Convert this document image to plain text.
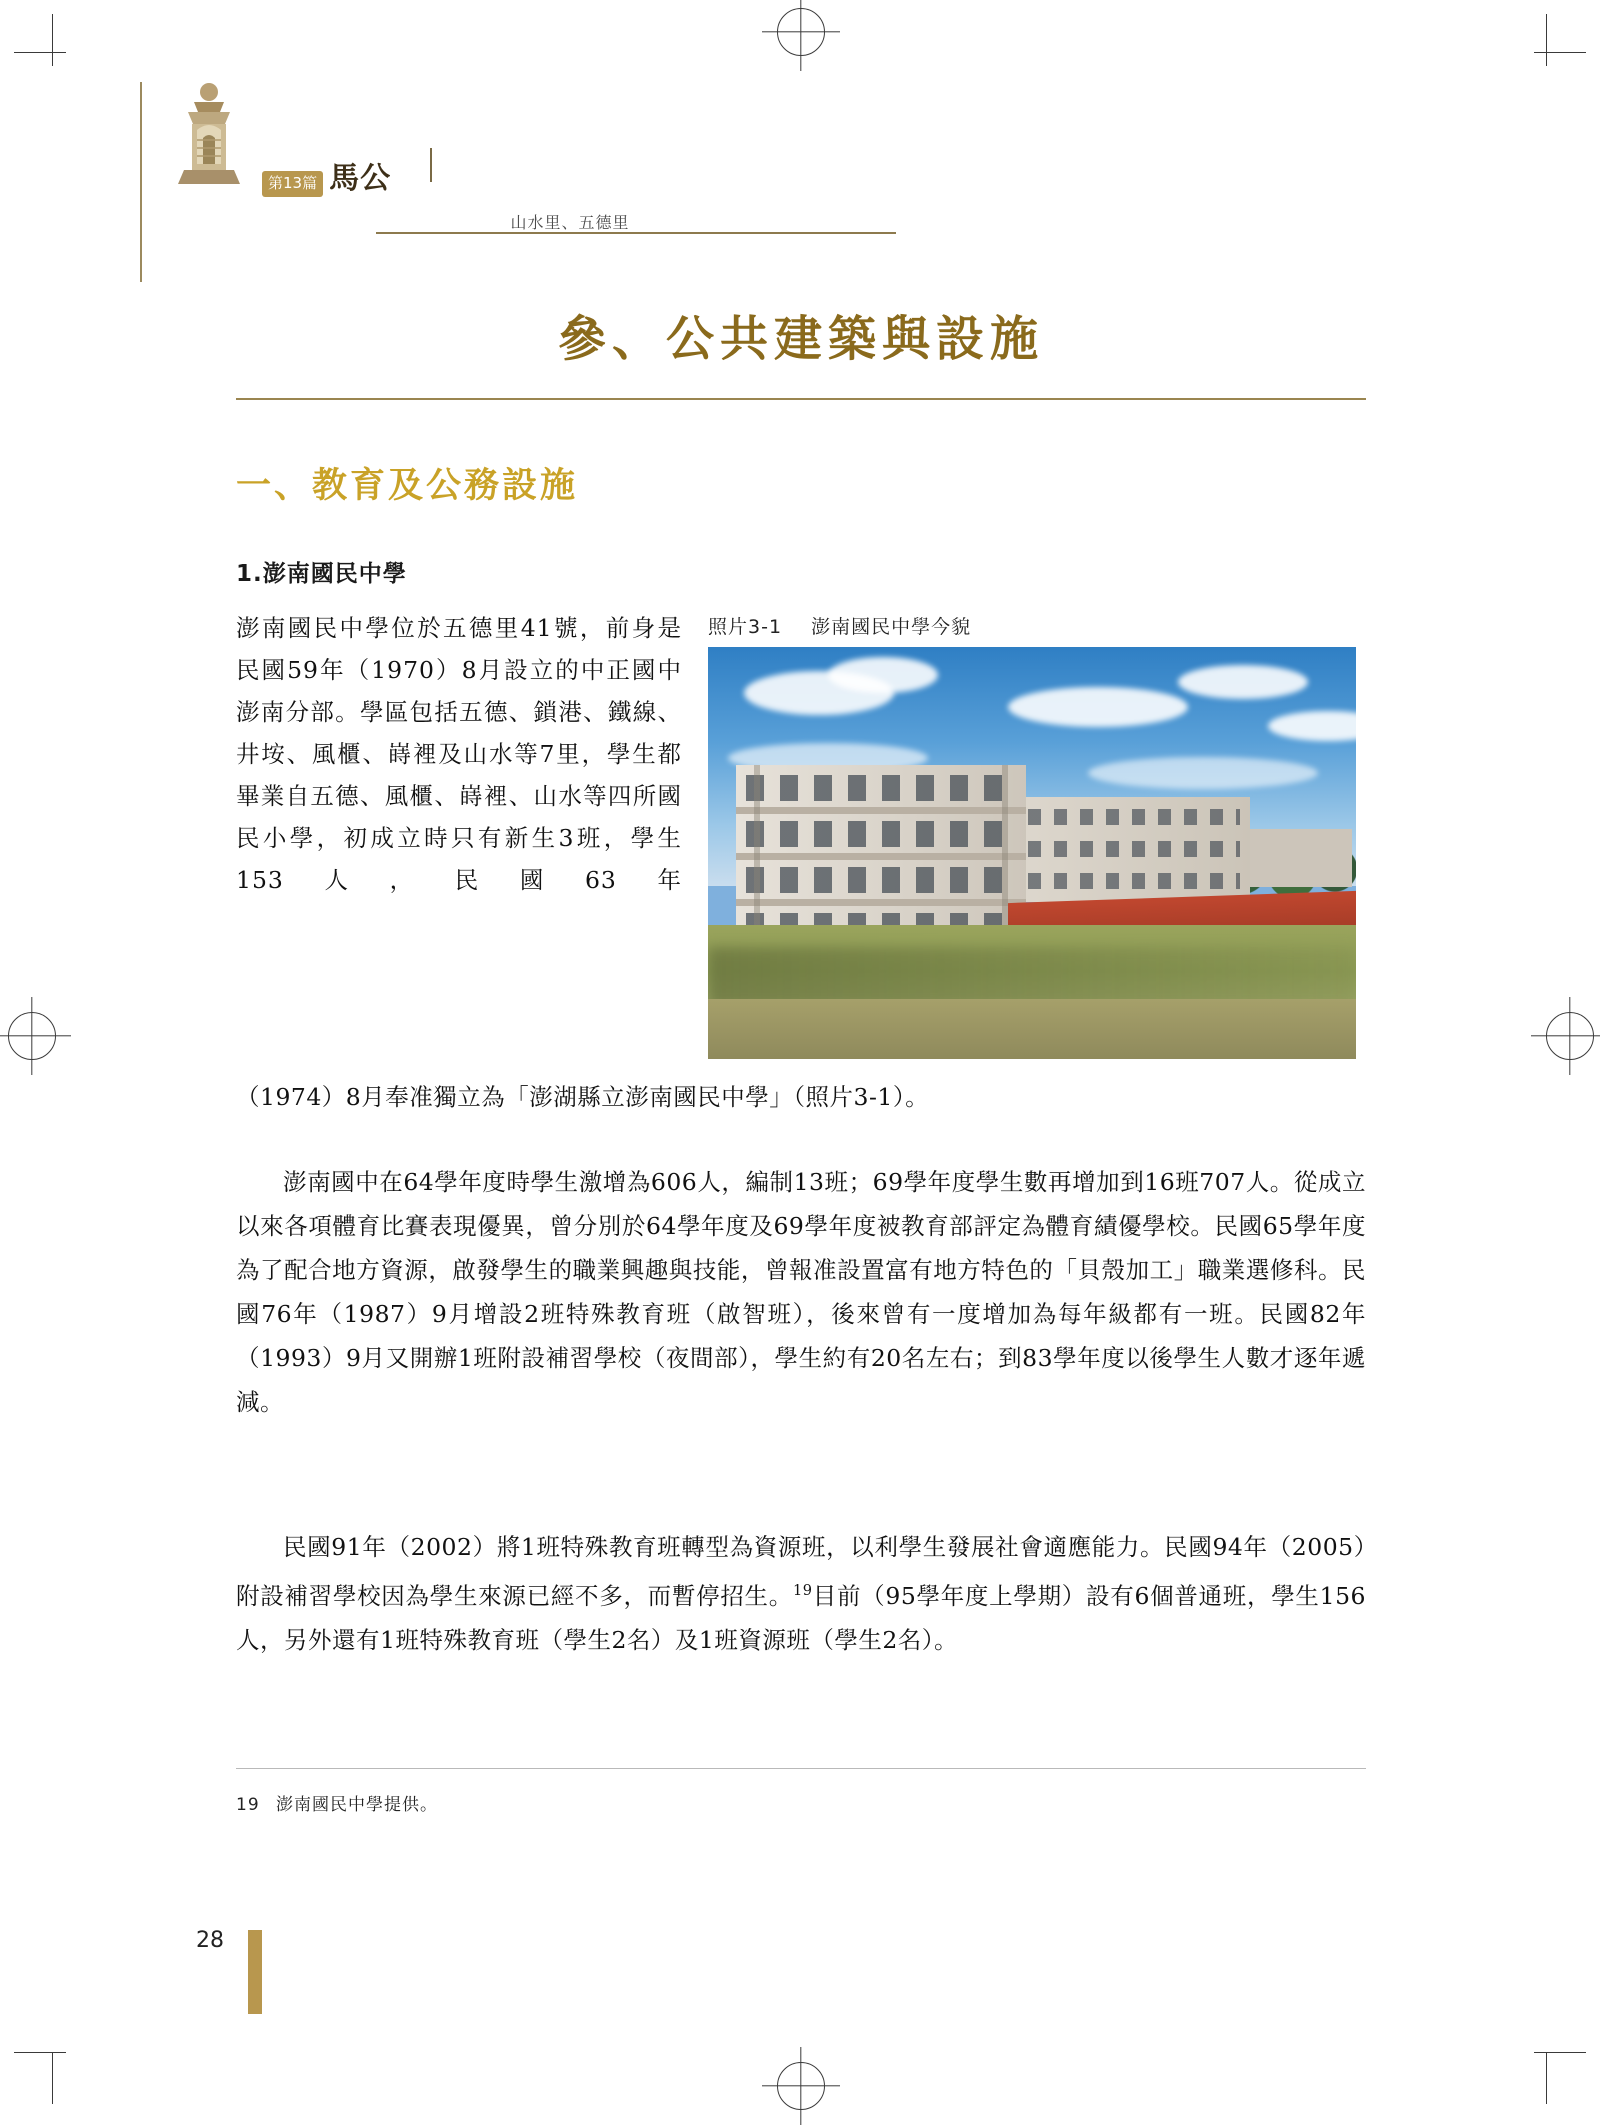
第13篇 馬公
山水里、五德里
參、公共建築與設施
一、教育及公務設施
1.澎南國民中學
照片3-1 澎南國民中學今貌
澎南國民中學位於五德里41號，前身是民國59年（1970）8月設立的中正國中澎南分部。學區包括五德、鎖港、鐵線、井垵、風櫃、嵵裡及山水等7里，學生都畢業自五德、風櫃、嵵裡、山水等四所國民小學，初成立時只有新生3班，學生153人，民國63年
（1974）8月奉准獨立為「澎湖縣立澎南國民中學」（照片3-1）。
澎南國中在64學年度時學生激增為606人，編制13班；69學年度學生數再增加到16班707人。從成立以來各項體育比賽表現優異，曾分別於64學年度及69學年度被教育部評定為體育績優學校。民國65學年度為了配合地方資源，啟發學生的職業興趣與技能，曾報准設置富有地方特色的「貝殼加工」職業選修科。民國76年（1987）9月增設2班特殊教育班（啟智班），後來曾有一度增加為每年級都有一班。民國82年（1993）9月又開辦1班附設補習學校（夜間部），學生約有20名左右；到83學年度以後學生人數才逐年遞減。
民國91年（2002）將1班特殊教育班轉型為資源班，以利學生發展社會適應能力。民國94年（2005）附設補習學校因為學生來源已經不多，而暫停招生。$^{19}$目前（95學年度上學期）設有6個普通班，學生156人，另外還有1班特殊教育班（學生2名）及1班資源班（學生2名）。
19 澎南國民中學提供。
28
